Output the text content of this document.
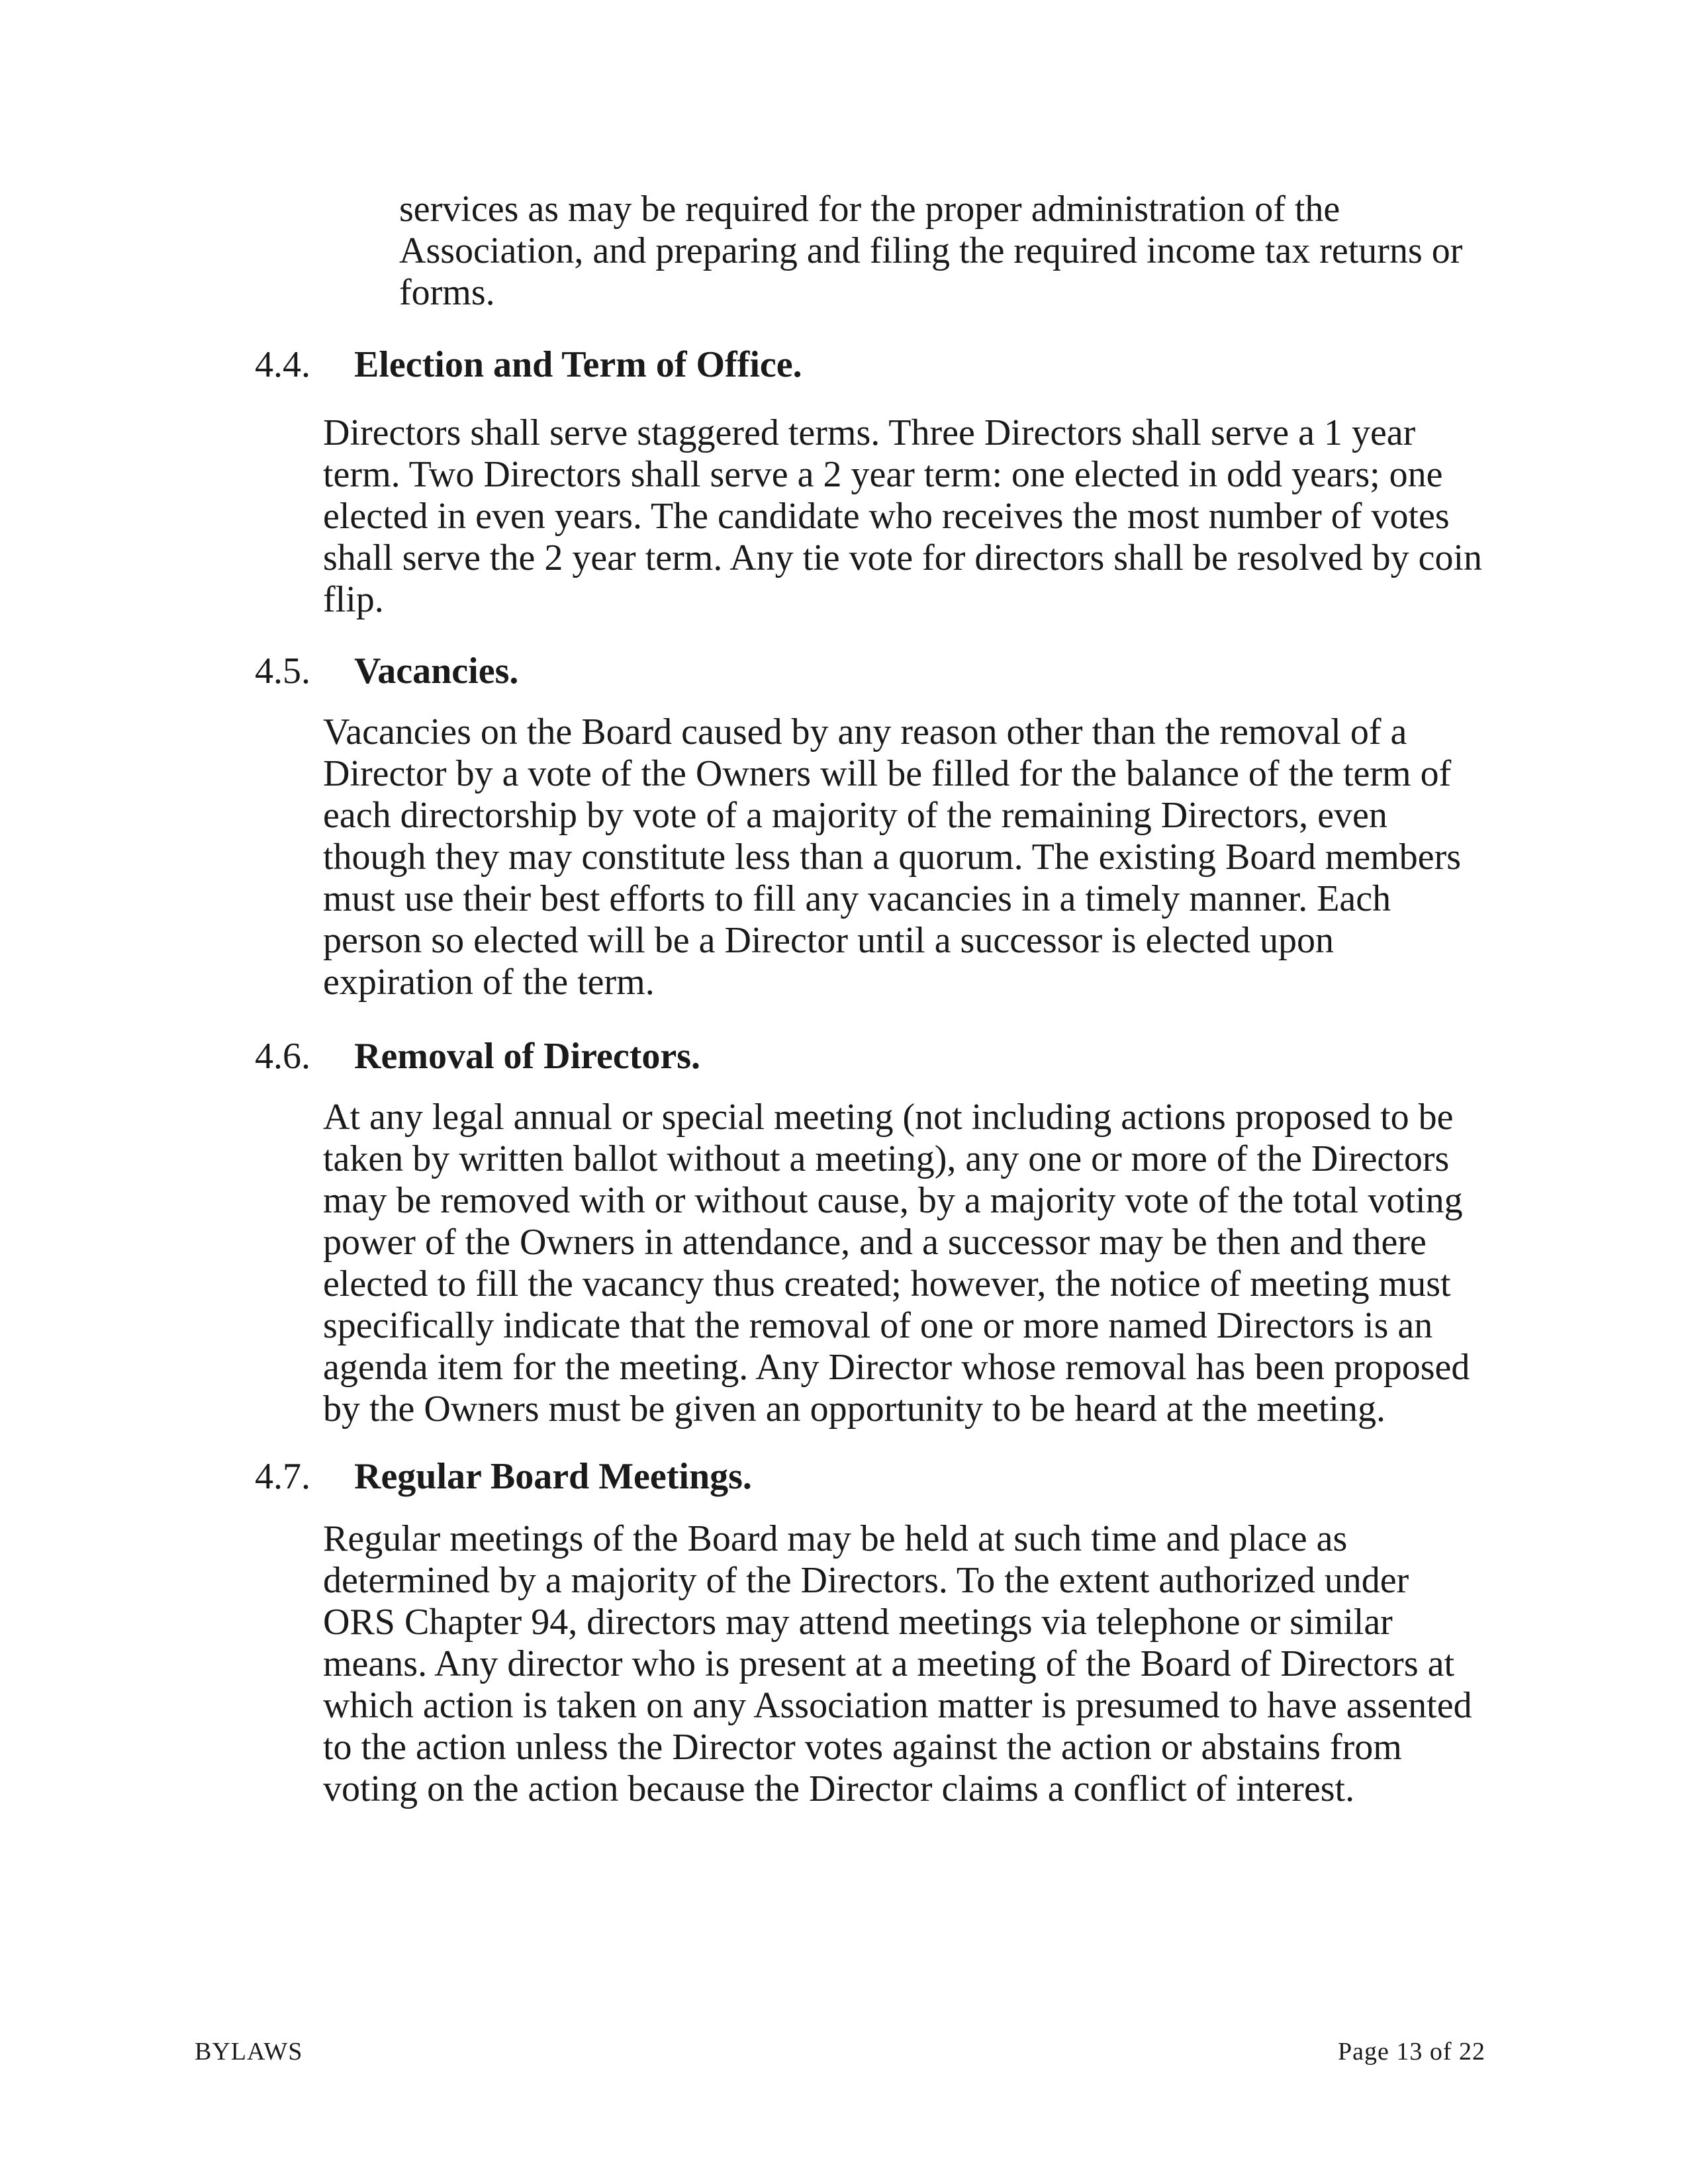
services as may be required for the proper administration of the
Association, and preparing and filing the required income tax returns or
forms.

4.4. Election and Term of Office.

Directors shall serve staggered terms. Three Directors shall serve a 1 year
term. Two Directors shall serve a 2 year term: one elected in odd years; one
elected in even years. The candidate who receives the most number of votes
shall serve the 2 year term. Any tie vote for directors shall be resolved by coin
flip.

4.5. Vacancies.

Vacancies on the Board caused by any reason other than the removal of a
Director by a vote of the Owners will be filled for the balance of the term of
each directorship by vote of a majority of the remaining Directors, even
though they may constitute less than a quorum. The existing Board members
must use their best efforts to fill any vacancies in a timely manner. Each
person so elected will be a Director until a successor is elected upon
expiration of the term.

4.6. Removal of Directors.

At any legal annual or special meeting (not including actions proposed to be
taken by written ballot without a meeting), any one or more of the Directors
may be removed with or without cause, by a majority vote of the total voting
power of the Owners in attendance, and a successor may be then and there
elected to fill the vacancy thus created; however, the notice of meeting must
specifically indicate that the removal of one or more named Directors is an
agenda item for the meeting. Any Director whose removal has been proposed
by the Owners must be given an opportunity to be heard at the meeting.

4.7. Regular Board Meetings.

Regular meetings of the Board may be held at such time and place as
determined by a majority of the Directors. To the extent authorized under
ORS Chapter 94, directors may attend meetings via telephone or similar
means. Any director who is present at a meeting of the Board of Directors at
which action is taken on any Association matter is presumed to have assented
to the action unless the Director votes against the action or abstains from
voting on the action because the Director claims a conflict of interest.

BYLAWS	Page 13 of 22
